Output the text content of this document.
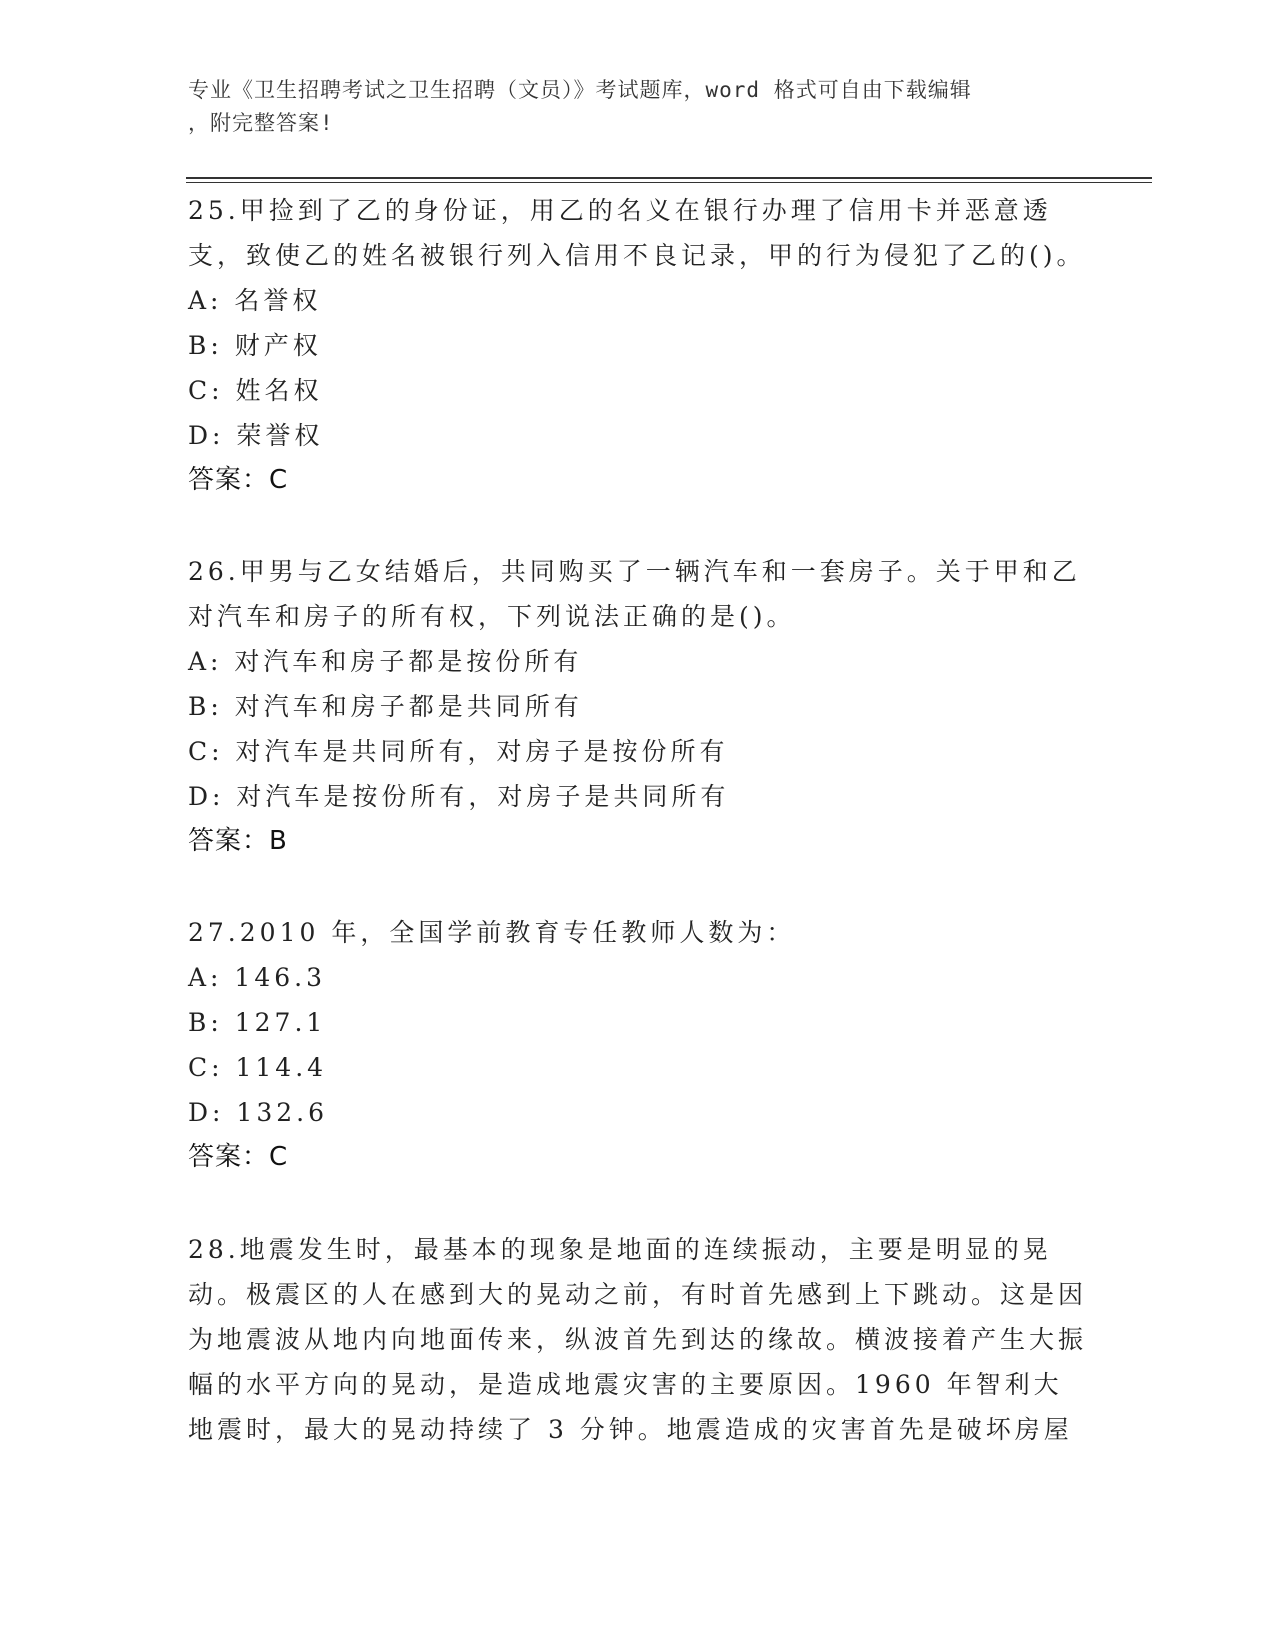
专业《卫生招聘考试之卫生招聘（文员）》考试题库，word 格式可自由下载编辑
，附完整答案!
25.甲捡到了乙的身份证，用乙的名义在银行办理了信用卡并恶意透支，致使乙的姓名被银行列入信用不良记录，甲的行为侵犯了乙的()。
A: 名誉权
B: 财产权
C: 姓名权
D: 荣誉权
答案：C
26.甲男与乙女结婚后，共同购买了一辆汽车和一套房子。关于甲和乙对汽车和房子的所有权，下列说法正确的是()。
A: 对汽车和房子都是按份所有
B: 对汽车和房子都是共同所有
C: 对汽车是共同所有，对房子是按份所有
D: 对汽车是按份所有，对房子是共同所有
答案：B
27.2010 年，全国学前教育专任教师人数为：
A: 146.3
B: 127.1
C: 114.4
D: 132.6
答案：C
28.地震发生时，最基本的现象是地面的连续振动，主要是明显的晃动。极震区的人在感到大的晃动之前，有时首先感到上下跳动。这是因为地震波从地内向地面传来，纵波首先到达的缘故。横波接着产生大振幅的水平方向的晃动，是造成地震灾害的主要原因。1960 年智利大地震时，最大的晃动持续了 3 分钟。地震造成的灾害首先是破坏房屋
